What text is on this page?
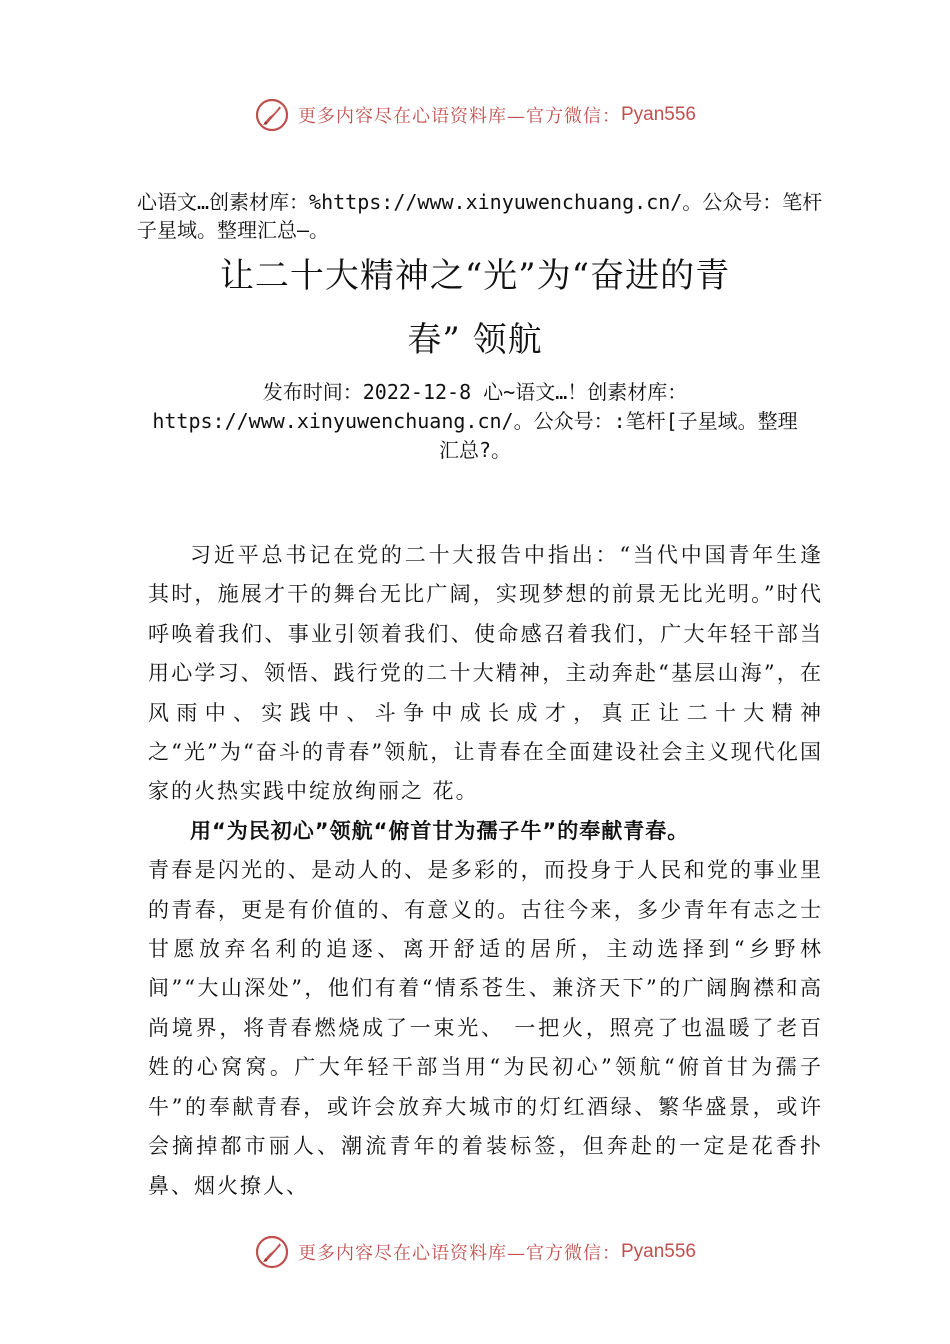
更多内容尽在心语资料库—官方微信： Pyan556
心语文…创素材库：%https://www.xinyuwenchuang.cn/。公众号：笔杆子星域。整理汇总—。
让二十大精神之“光”为“奋进的青
春” 领航
发布时间：2022-12-8 心~语文…！创素材库：https://www.xinyuwenchuang.cn/。公众号：:笔杆[子星域。整理汇总?。

习近平总书记在党的二十大报告中指出：“当代中国青年生逢其时，施展才干的舞台无比广阔，实现梦想的前景无比光明。”时代呼唤着我们、事业引领着我们、使命感召着我们，广大年轻干部当用心学习、领悟、践行党的二十大精神，主动奔赴“基层山海”，在风雨中、实践中、斗争中成长成才，真正让二十大精神之“光”为“奋斗的青春”领航，让青春在全面建设社会主义现代化国家的火热实践中绽放绚丽之 花。

用“为民初心”领航“俯首甘为孺子牛”的奉献青春。

青春是闪光的、是动人的、是多彩的，而投身于人民和党的事业里的青春，更是有价值的、有意义的。古往今来，多少青年有志之士甘愿放弃名利的追逐、离开舒适的居所，主动选择到“乡野林间”“大山深处”，他们有着“情系苍生、兼济天下”的广阔胸襟和高尚境界，将青春燃烧成了一束光、 一把火，照亮了也温暖了老百姓的心窝窝。广大年轻干部当用“为民初心”领航“俯首甘为孺子牛”的奉献青春，或许会放弃大城市的灯红酒绿、繁华盛景，或许会摘掉都市丽人、潮流青年的着装标签，但奔赴的一定是花香扑鼻、烟火撩人、

更多内容尽在心语资料库—官方微信： Pyan556
